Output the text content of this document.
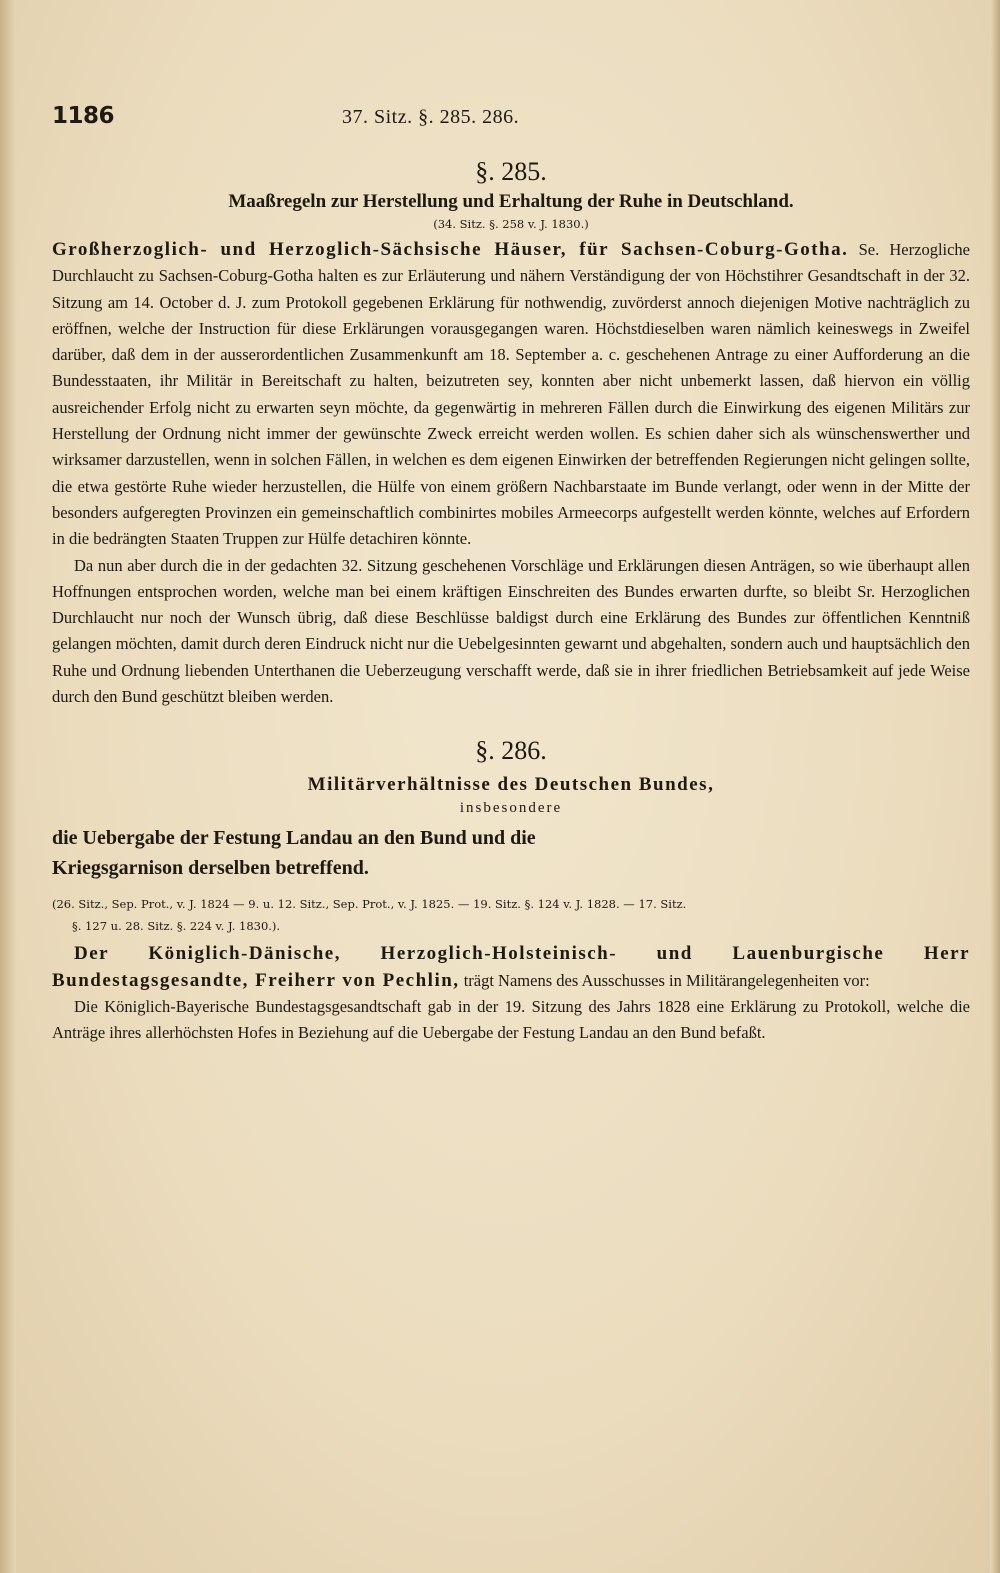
1186	37. Sitz. §. 285. 286.
§. 285.
Maaßregeln zur Herstellung und Erhaltung der Ruhe in Deutschland.
(34. Sitz. §. 258 v. J. 1830.)

Großherzoglich- und Herzoglich-Sächsische Häuser, für Sachsen-Coburg-Gotha. Se. Herzogliche Durchlaucht zu Sachsen-Coburg-Gotha halten es zur Erläuterung und nähern Verständigung der von Höchstihrer Gesandtschaft in der 32. Sitzung am 14. October d. J. zum Protokoll gegebenen Erklärung für nothwendig, zuvörderst annoch diejenigen Motive nachträglich zu eröffnen, welche der Instruction für diese Erklärungen vorausgegangen waren. Höchstdieselben waren nämlich keineswegs in Zweifel darüber, daß dem in der ausserordentlichen Zusammenkunft am 18. September a. c. geschehenen Antrage zu einer Aufforderung an die Bundesstaaten, ihr Militär in Bereitschaft zu halten, beizutreten sey, konnten aber nicht unbemerkt lassen, daß hiervon ein völlig ausreichender Erfolg nicht zu erwarten seyn möchte, da gegenwärtig in mehreren Fällen durch die Einwirkung des eigenen Militärs zur Herstellung der Ordnung nicht immer der gewünschte Zweck erreicht werden wollen. Es schien daher sich als wünschenswerther und wirksamer darzustellen, wenn in solchen Fällen, in welchen es dem eigenen Einwirken der betreffenden Regierungen nicht gelingen sollte, die etwa gestörte Ruhe wieder herzustellen, die Hülfe von einem größern Nachbarstaate im Bunde verlangt, oder wenn in der Mitte der besonders aufgeregten Provinzen ein gemeinschaftlich combinirtes mobiles Armeecorps aufgestellt werden könnte, welches auf Erfordern in die bedrängten Staaten Truppen zur Hülfe detachiren könnte.

Da nun aber durch die in der gedachten 32. Sitzung geschehenen Vorschläge und Erklärungen diesen Anträgen, so wie überhaupt allen Hoffnungen entsprochen worden, welche man bei einem kräftigen Einschreiten des Bundes erwarten durfte, so bleibt Sr. Herzoglichen Durchlaucht nur noch der Wunsch übrig, daß diese Beschlüsse baldigst durch eine Erklärung des Bundes zur öffentlichen Kenntniß gelangen möchten, damit durch deren Eindruck nicht nur die Uebelgesinnten gewarnt und abgehalten, sondern auch und hauptsächlich den Ruhe und Ordnung liebenden Unterthanen die Ueberzeugung verschafft werde, daß sie in ihrer friedlichen Betriebsamkeit auf jede Weise durch den Bund geschützt bleiben werden.

§. 286.
Militärverhältnisse des Deutschen Bundes,
insbesondere
die Uebergabe der Festung Landau an den Bund und die Kriegsgarnison derselben betreffend.
(26. Sitz., Sep. Prot., v. J. 1824 — 9. u. 12. Sitz., Sep. Prot., v. J. 1825. — 19. Sitz. §. 124 v. J. 1828. — 17. Sitz.
§. 127 u. 28. Sitz. §. 224 v. J. 1830.).

Der Königlich-Dänische, Herzoglich-Holsteinisch- und Lauenburgische Herr Bundestagsgesandte, Freiherr von Pechlin, trägt Namens des Ausschusses in Militärangelegenheiten vor:

Die Königlich-Bayerische Bundestagsgesandtschaft gab in der 19. Sitzung des Jahrs 1828 eine Erklärung zu Protokoll, welche die Anträge ihres allerhöchsten Hofes in Beziehung auf die Uebergabe der Festung Landau an den Bund befaßt.
